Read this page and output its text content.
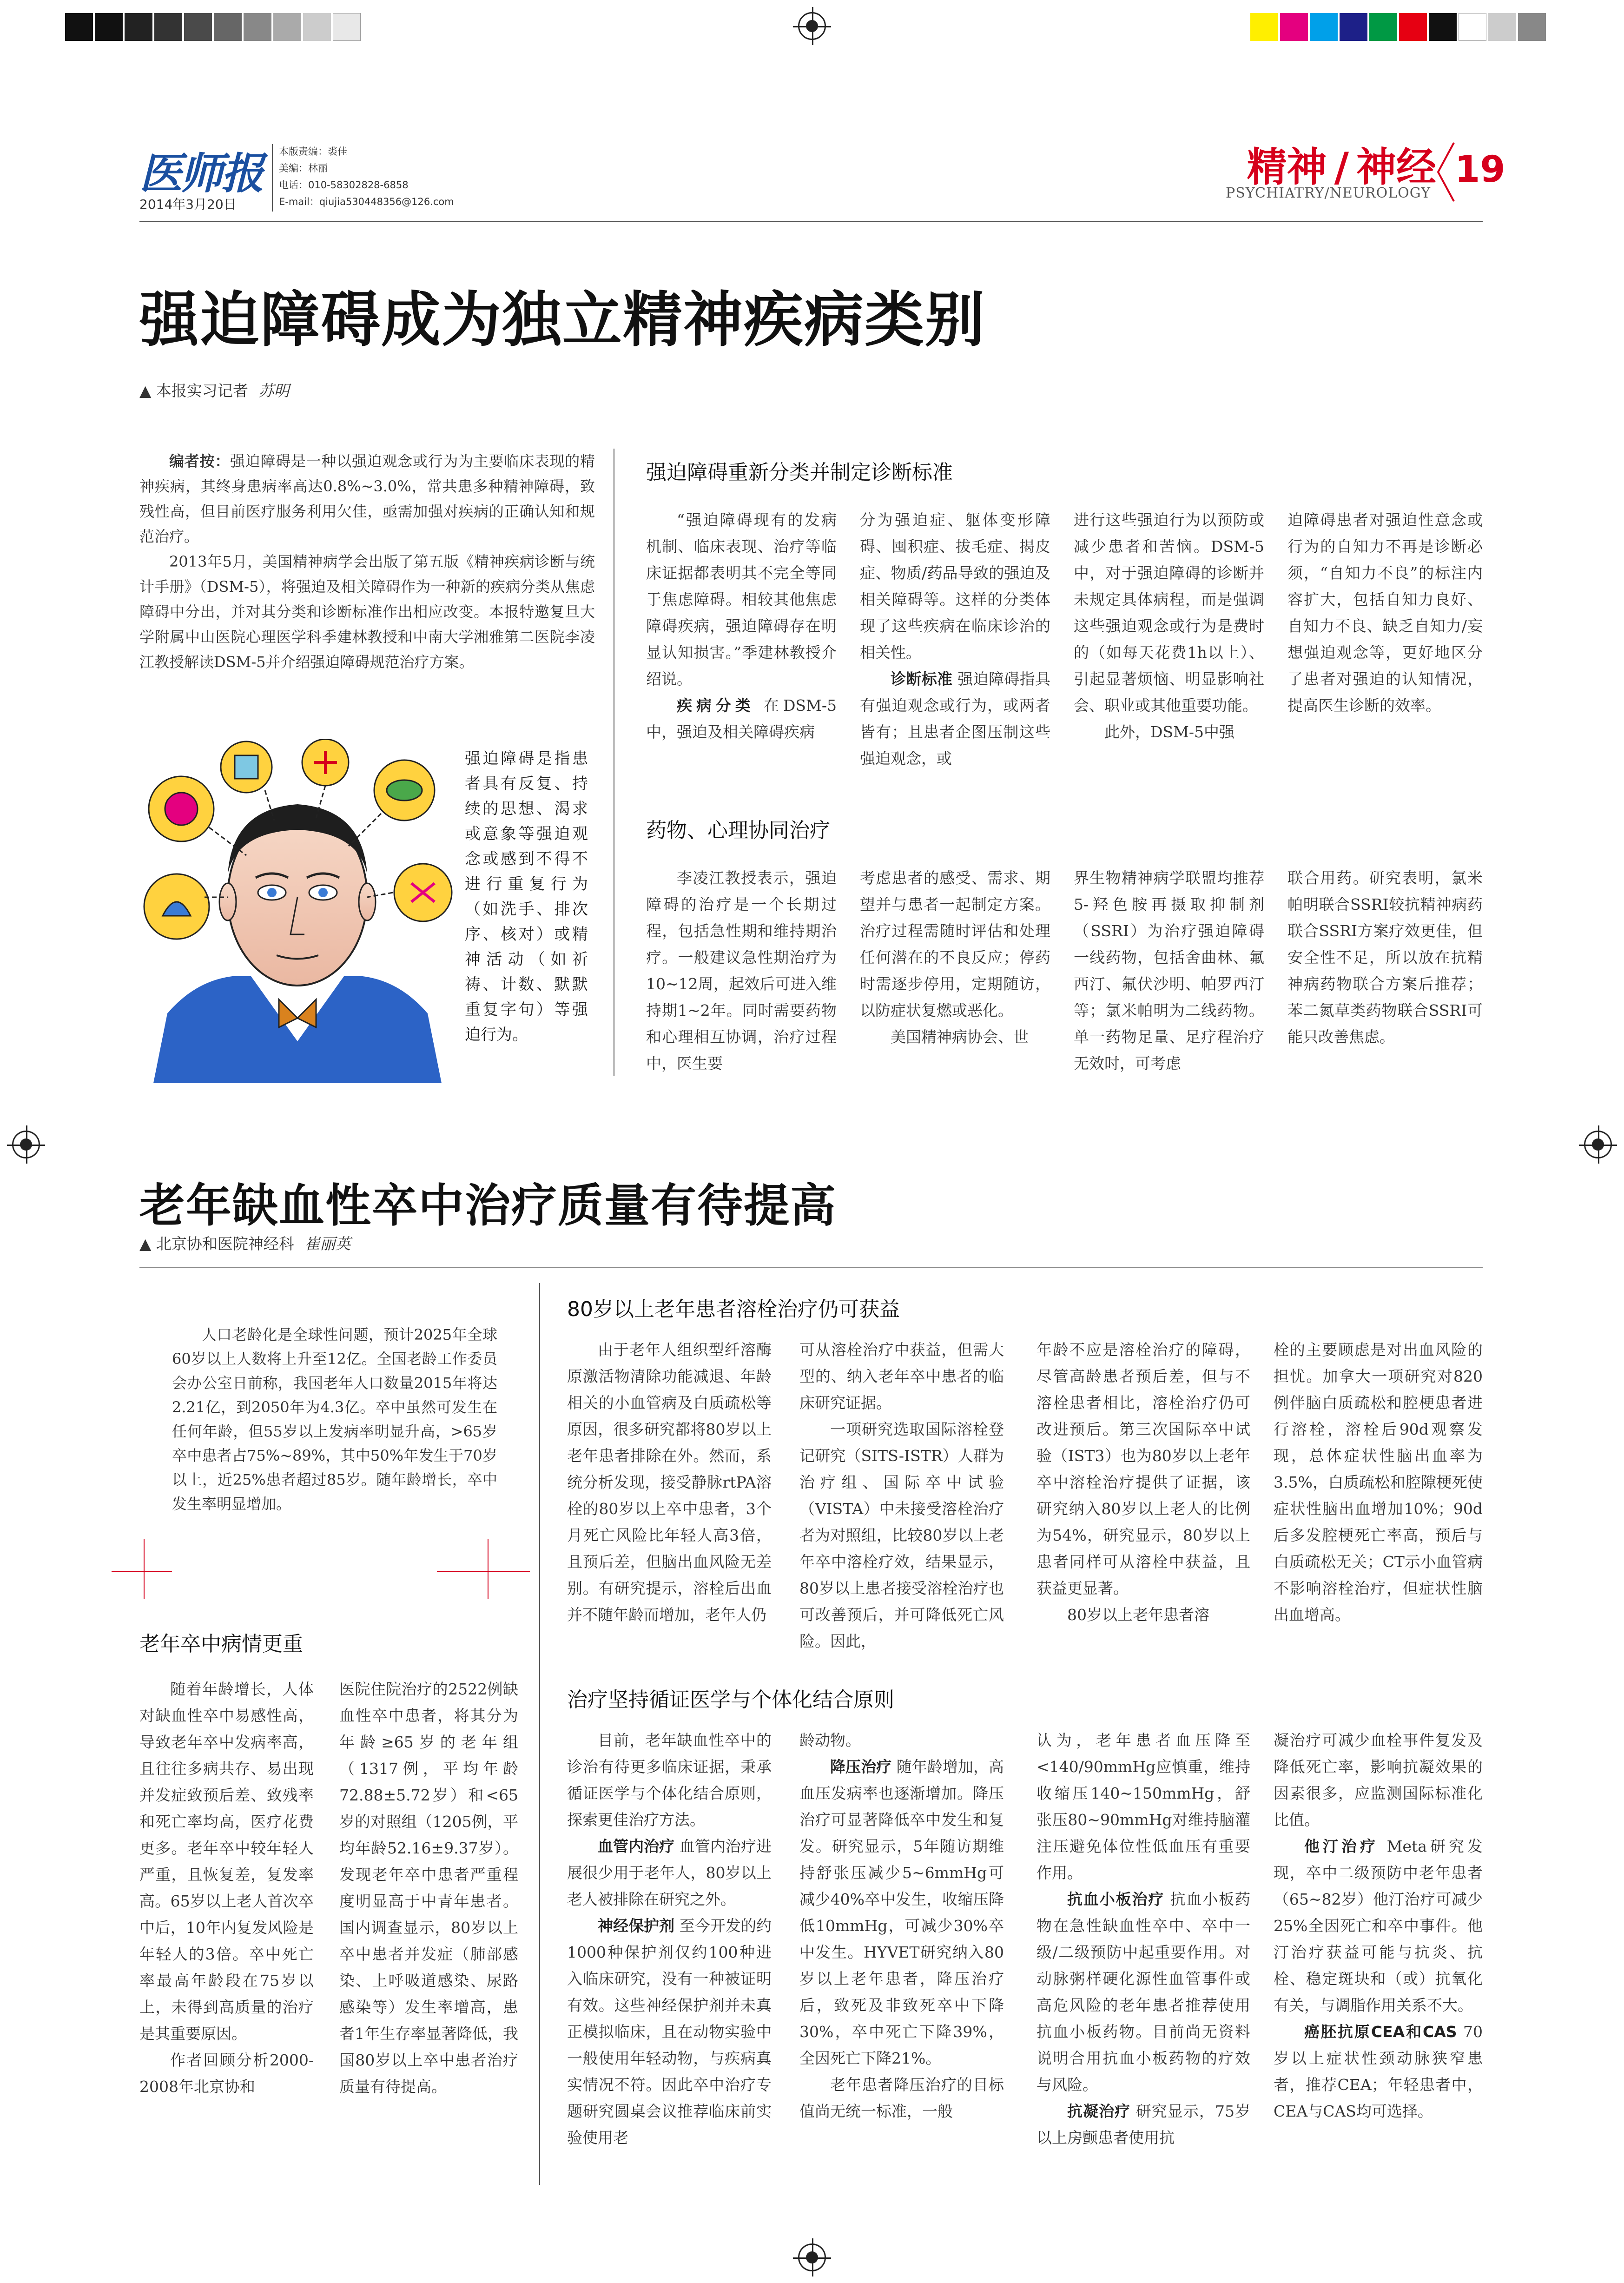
医师报
2014年3月20日
本版责编：裘佳
美编：林丽
电话：010-58302828-6858
E-mail：qiujia530448356@126.com
精神 / 神经
PSYCHIATRY/NEUROLOGY
19
强迫障碍成为独立精神疾病类别
▲ 本报实习记者 苏明

编者按：强迫障碍是一种以强迫观念或行为为主要临床表现的精神疾病，其终身患病率高达0.8%~3.0%，常共患多种精神障碍，致残性高，但目前医疗服务利用欠佳，亟需加强对疾病的正确认知和规范治疗。

2013年5月，美国精神病学会出版了第五版《精神疾病诊断与统计手册》（DSM-5），将强迫及相关障碍作为一种新的疾病分类从焦虑障碍中分出，并对其分类和诊断标准作出相应改变。本报特邀复旦大学附属中山医院心理医学科季建林教授和中南大学湘雅第二医院李凌江教授解读DSM-5并介绍强迫障碍规范治疗方案。

强迫障碍是指患者具有反复、持续的思想、渴求或意象等强迫观念或感到不得不进行重复行为（如洗手、排次序、核对）或精神活动（如祈祷、计数、默默重复字句）等强迫行为。
强迫障碍重新分类并制定诊断标准

“强迫障碍现有的发病机制、临床表现、治疗等临床证据都表明其不完全等同于焦虑障碍。相较其他焦虑障碍疾病，强迫障碍存在明显认知损害。”季建林教授介绍说。

疾病分类 在DSM-5中，强迫及相关障碍疾病

分为强迫症、躯体变形障碍、囤积症、拔毛症、揭皮症、物质/药品导致的强迫及相关障碍等。这样的分类体现了这些疾病在临床诊治的相关性。

诊断标准 强迫障碍指具有强迫观念或行为，或两者皆有；且患者企图压制这些强迫观念，或

进行这些强迫行为以预防或减少患者和苦恼。DSM-5中，对于强迫障碍的诊断并未规定具体病程，而是强调这些强迫观念或行为是费时的（如每天花费1h以上）、引起显著烦恼、明显影响社会、职业或其他重要功能。

此外，DSM-5中强

迫障碍患者对强迫性意念或行为的自知力不再是诊断必须，“自知力不良”的标注内容扩大，包括自知力良好、自知力不良、缺乏自知力/妄想强迫观念等，更好地区分了患者对强迫的认知情况，提高医生诊断的效率。

药物、心理协同治疗

李凌江教授表示，强迫障碍的治疗是一个长期过程，包括急性期和维持期治疗。一般建议急性期治疗为10~12周，起效后可进入维持期1~2年。同时需要药物和心理相互协调，治疗过程中，医生要

考虑患者的感受、需求、期望并与患者一起制定方案。治疗过程需随时评估和处理任何潜在的不良反应；停药时需逐步停用，定期随访，以防症状复燃或恶化。

美国精神病协会、世

界生物精神病学联盟均推荐5-羟色胺再摄取抑制剂（SSRI）为治疗强迫障碍一线药物，包括舍曲林、氟西汀、氟伏沙明、帕罗西汀等；氯米帕明为二线药物。单一药物足量、足疗程治疗无效时，可考虑

联合用药。研究表明，氯米帕明联合SSRI较抗精神病药联合SSRI方案疗效更佳，但安全性不足，所以放在抗精神病药物联合方案后推荐；苯二氮草类药物联合SSRI可能只改善焦虑。

老年缺血性卒中治疗质量有待提高
▲ 北京协和医院神经科 崔丽英

人口老龄化是全球性问题，预计2025年全球60岁以上人数将上升至12亿。全国老龄工作委员会办公室日前称，我国老年人口数量2015年将达2.21亿，到2050年为4.3亿。卒中虽然可发生在任何年龄，但55岁以上发病率明显升高，>65岁卒中患者占75%~89%，其中50%年发生于70岁以上，近25%患者超过85岁。随年龄增长，卒中发生率明显增加。

老年卒中病情更重

随着年龄增长，人体对缺血性卒中易感性高，导致老年卒中发病率高，且往往多病共存、易出现并发症致预后差、致残率和死亡率均高，医疗花费更多。老年卒中较年轻人严重，且恢复差，复发率高。65岁以上老人首次卒中后，10年内复发风险是年轻人的3倍。卒中死亡率最高年龄段在75岁以上，未得到高质量的治疗是其重要原因。

作者回顾分析2000-2008年北京协和

医院住院治疗的2522例缺血性卒中患者，将其分为年龄≥65岁的老年组（1317例，平均年龄72.88±5.72岁）和<65岁的对照组（1205例，平均年龄52.16±9.37岁）。发现老年卒中患者严重程度明显高于中青年患者。国内调查显示，80岁以上卒中患者并发症（肺部感染、上呼吸道感染、尿路感染等）发生率增高，患者1年生存率显著降低，我国80岁以上卒中患者治疗质量有待提高。

80岁以上老年患者溶栓治疗仍可获益

由于老年人组织型纤溶酶原激活物清除功能减退、年龄相关的小血管病及白质疏松等原因，很多研究都将80岁以上老年患者排除在外。然而，系统分析发现，接受静脉rtPA溶栓的80岁以上卒中患者，3个月死亡风险比年轻人高3倍，且预后差，但脑出血风险无差别。有研究提示，溶栓后出血并不随年龄而增加，老年人仍

可从溶栓治疗中获益，但需大型的、纳入老年卒中患者的临床研究证据。

一项研究选取国际溶栓登记研究（SITS-ISTR）人群为治疗组、国际卒中试验（VISTA）中未接受溶栓治疗者为对照组，比较80岁以上老年卒中溶栓疗效，结果显示，80岁以上患者接受溶栓治疗也可改善预后，并可降低死亡风险。因此，

年龄不应是溶栓治疗的障碍，尽管高龄患者预后差，但与不溶栓患者相比，溶栓治疗仍可改进预后。第三次国际卒中试验（IST3）也为80岁以上老年卒中溶栓治疗提供了证据，该研究纳入80岁以上老人的比例为54%，研究显示，80岁以上患者同样可从溶栓中获益，且获益更显著。

80岁以上老年患者溶

栓的主要顾虑是对出血风险的担忧。加拿大一项研究对820例伴脑白质疏松和腔梗患者进行溶栓，溶栓后90d观察发现，总体症状性脑出血率为3.5%，白质疏松和腔隙梗死使症状性脑出血增加10%；90d后多发腔梗死亡率高，预后与白质疏松无关；CT示小血管病不影响溶栓治疗，但症状性脑出血增高。

治疗坚持循证医学与个体化结合原则

目前，老年缺血性卒中的诊治有待更多临床证据，秉承循证医学与个体化结合原则，探索更佳治疗方法。

血管内治疗 血管内治疗进展很少用于老年人，80岁以上老人被排除在研究之外。

神经保护剂 至今开发的约1000种保护剂仅约100种进入临床研究，没有一种被证明有效。这些神经保护剂并未真正模拟临床，且在动物实验中一般使用年轻动物，与疾病真实情况不符。因此卒中治疗专题研究圆桌会议推荐临床前实验使用老

龄动物。

降压治疗 随年龄增加，高血压发病率也逐渐增加。降压治疗可显著降低卒中发生和复发。研究显示，5年随访期维持舒张压减少5~6mmHg可减少40%卒中发生，收缩压降低10mmHg，可减少30%卒中发生。HYVET研究纳入80岁以上老年患者，降压治疗后，致死及非致死卒中下降30%，卒中死亡下降39%，全因死亡下降21%。

老年患者降压治疗的目标值尚无统一标准，一般

认为，老年患者血压降至<140/90mmHg应慎重，维持收缩压140~150mmHg，舒张压80~90mmHg对维持脑灌注压避免体位性低血压有重要作用。

抗血小板治疗 抗血小板药物在急性缺血性卒中、卒中一级/二级预防中起重要作用。对动脉粥样硬化源性血管事件或高危风险的老年患者推荐使用抗血小板药物。目前尚无资料说明合用抗血小板药物的疗效与风险。

抗凝治疗 研究显示，75岁以上房颤患者使用抗

凝治疗可减少血栓事件复发及降低死亡率，影响抗凝效果的因素很多，应监测国际标准化比值。

他汀治疗 Meta研究发现，卒中二级预防中老年患者（65~82岁）他汀治疗可减少25%全因死亡和卒中事件。他汀治疗获益可能与抗炎、抗栓、稳定斑块和（或）抗氧化有关，与调脂作用关系不大。

癌胚抗原CEA和CAS 70岁以上症状性颈动脉狭窄患者，推荐CEA；年轻患者中，CEA与CAS均可选择。
